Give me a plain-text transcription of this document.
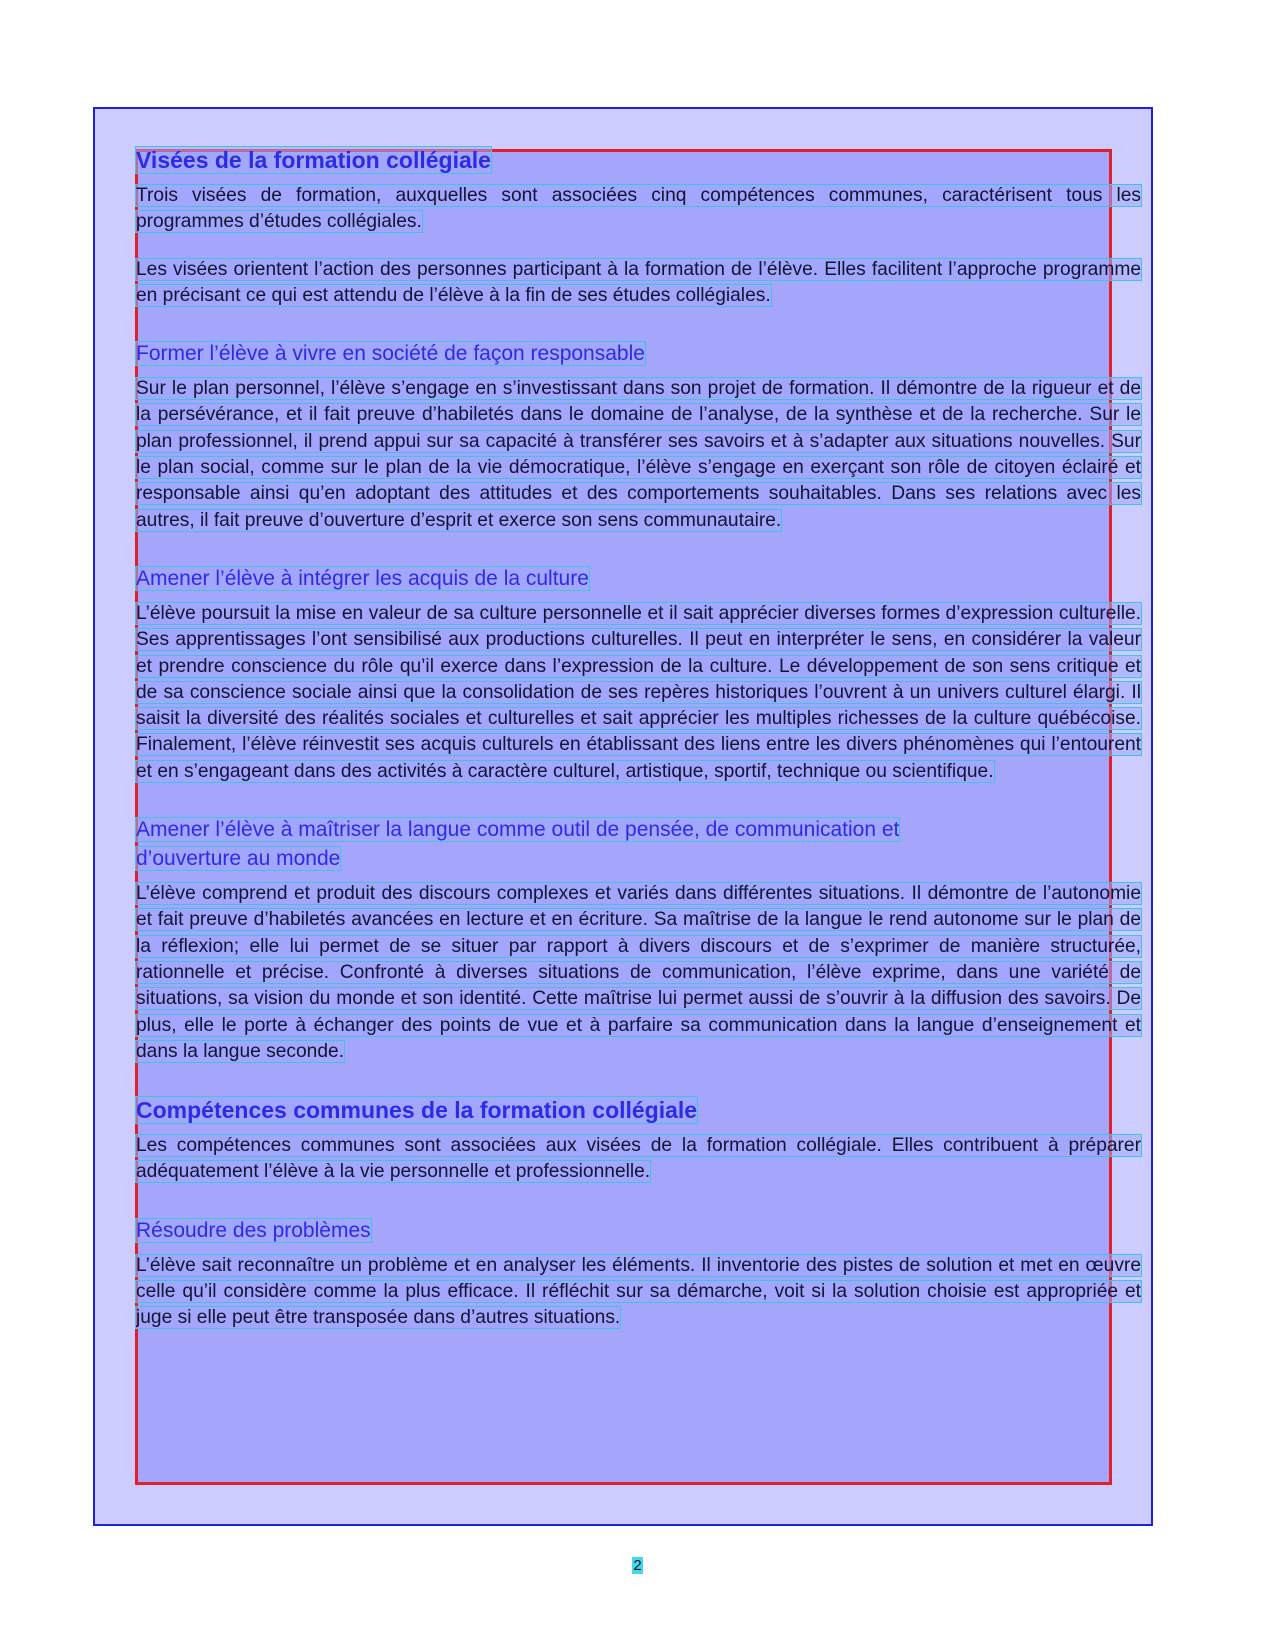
Visées de la formation collégiale

Trois visées de formation, auxquelles sont associées cinq compétences communes, caractérisent tous les programmes d’études collégiales.

Les visées orientent l’action des personnes participant à la formation de l’élève. Elles facilitent l’approche programme en précisant ce qui est attendu de l’élève à la fin de ses études collégiales.

Former l’élève à vivre en société de façon responsable

Sur le plan personnel, l’élève s’engage en s’investissant dans son projet de formation. Il démontre de la rigueur et de la persévérance, et il fait preuve d’habiletés dans le domaine de l’analyse, de la synthèse et de la recherche. Sur le plan professionnel, il prend appui sur sa capacité à transférer ses savoirs et à s’adapter aux situations nouvelles. Sur le plan social, comme sur le plan de la vie démocratique, l’élève s’engage en exerçant son rôle de citoyen éclairé et responsable ainsi qu’en adoptant des attitudes et des comportements souhaitables. Dans ses relations avec les autres, il fait preuve d’ouverture d’esprit et exerce son sens communautaire.

Amener l’élève à intégrer les acquis de la culture

L’élève poursuit la mise en valeur de sa culture personnelle et il sait apprécier diverses formes d’expression culturelle. Ses apprentissages l’ont sensibilisé aux productions culturelles. Il peut en interpréter le sens, en considérer la valeur et prendre conscience du rôle qu’il exerce dans l’expression de la culture. Le développement de son sens critique et de sa conscience sociale ainsi que la consolidation de ses repères historiques l’ouvrent à un univers culturel élargi. Il saisit la diversité des réalités sociales et culturelles et sait apprécier les multiples richesses de la culture québécoise. Finalement, l’élève réinvestit ses acquis culturels en établissant des liens entre les divers phénomènes qui l’entourent et en s’engageant dans des activités à caractère culturel, artistique, sportif, technique ou scientifique.

Amener l’élève à maîtriser la langue comme outil de pensée, de communication et d’ouverture au monde

L’élève comprend et produit des discours complexes et variés dans différentes situations. Il démontre de l’autonomie et fait preuve d’habiletés avancées en lecture et en écriture. Sa maîtrise de la langue le rend autonome sur le plan de la réflexion; elle lui permet de se situer par rapport à divers discours et de s’exprimer de manière structurée, rationnelle et précise. Confronté à diverses situations de communication, l’élève exprime, dans une variété de situations, sa vision du monde et son identité. Cette maîtrise lui permet aussi de s’ouvrir à la diffusion des savoirs. De plus, elle le porte à échanger des points de vue et à parfaire sa communication dans la langue d’enseignement et dans la langue seconde.

Compétences communes de la formation collégiale

Les compétences communes sont associées aux visées de la formation collégiale. Elles contribuent à préparer adéquatement l’élève à la vie personnelle et professionnelle.

Résoudre des problèmes

L’élève sait reconnaître un problème et en analyser les éléments. Il inventorie des pistes de solution et met en œuvre celle qu’il considère comme la plus efficace. Il réfléchit sur sa démarche, voit si la solution choisie est appropriée et juge si elle peut être transposée dans d’autres situations.

2
